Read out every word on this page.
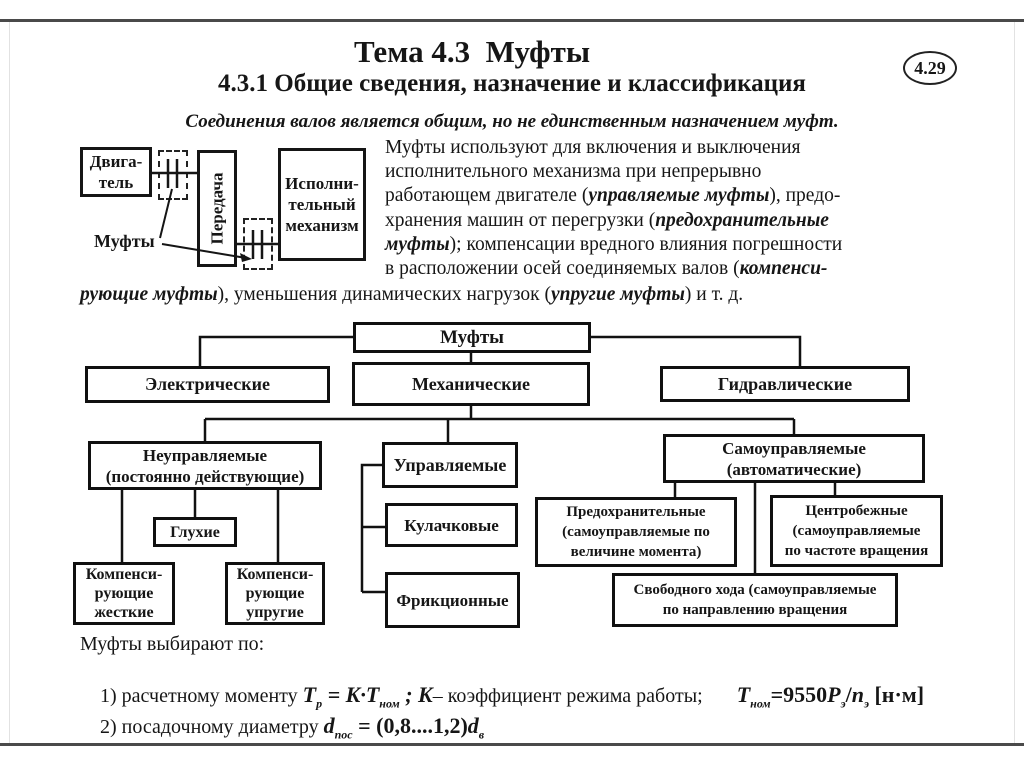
Тема 4.3  Муфты	4.29
4.3.1 Общие сведения, назначение и классификация
Соединения валов является общим, но не единственным назначением муфт.
Двига-
тель	Передача	Исполни-
тельный
механизм
Муфты
Муфты используют для включения и выключения
исполнительного механизма при непрерывно
работающем двигателе (управляемые муфты), предо-
хранения машин от перегрузки (предохранительные
муфты); компенсации вредного влияния погрешности
в расположении осей соединяемых валов (компенси-
рующие муфты), уменьшения динамических нагрузок (упругие муфты) и т. д.
Муфты
Электрические	Механические	Гидравлические
Неуправляемые
(постоянно действующие)
Управляемые
Самоуправляемые
(автоматические)
Глухие
Компенси-
рующие
жесткие
Компенси-
рующие
упругие
Кулачковые
Фрикционные
Предохранительные
(самоуправляемые по
величине момента)
Центробежные
(самоуправляемые
по частоте вращения
Свободного хода (самоуправляемые
по направлению вращения
Муфты выбирают по:

1) расчетному моменту $T_р = K\cdot T_{ном}$ ; K– коэффициент режима работы; $T_{ном}=9550P_э/n_э$ [н·м]

2) посадочному диаметру $d_{пос} = (0,8....1,2)d_в$
